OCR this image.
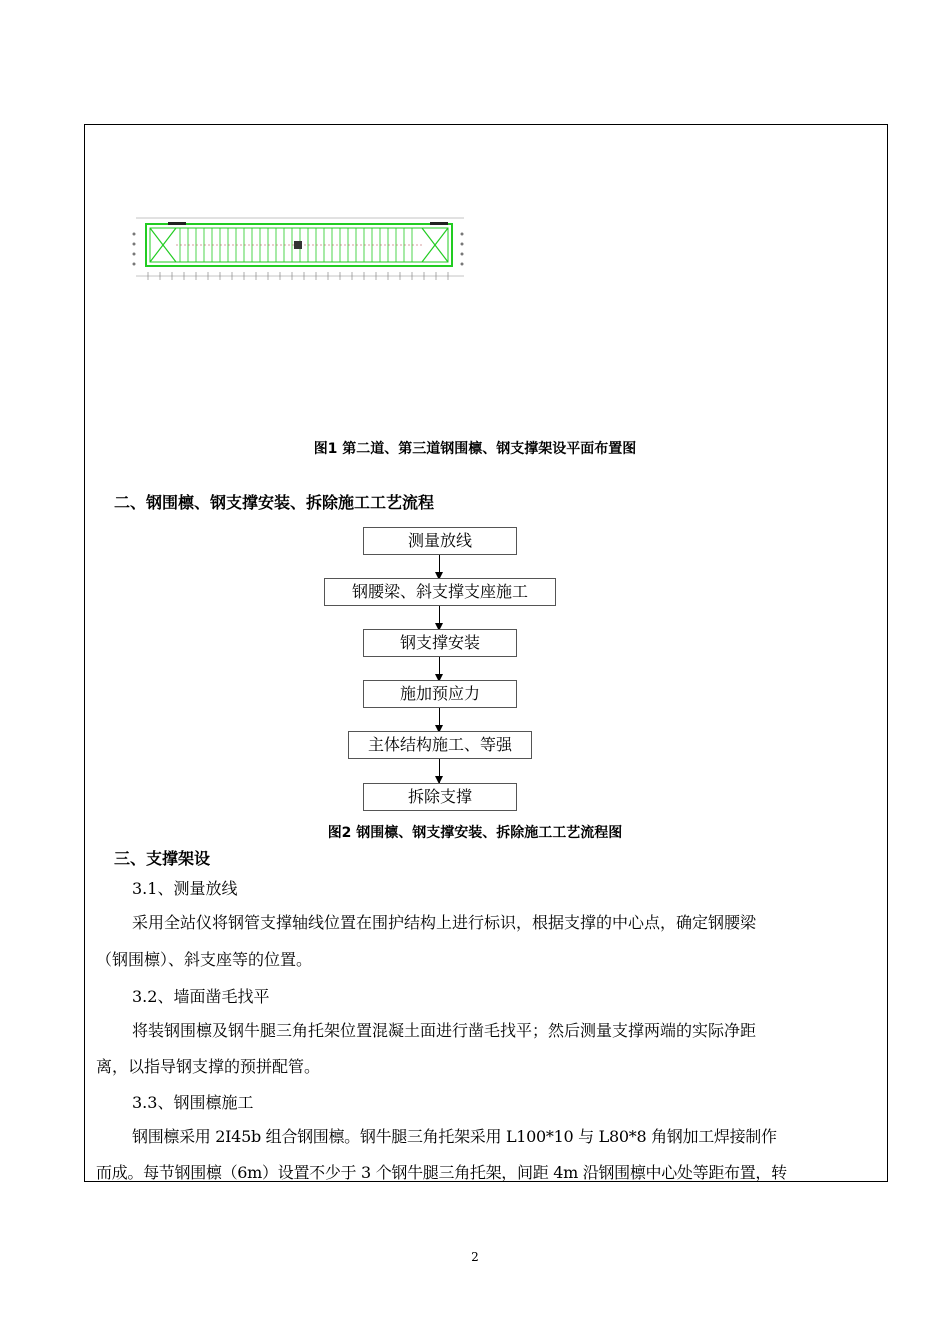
图1 第二道、第三道钢围檩、钢支撑架设平面布置图
二、钢围檩、钢支撑安装、拆除施工工艺流程
测量放线
钢腰梁、斜支撑支座施工
钢支撑安装
施加预应力
主体结构施工、等强
拆除支撑
图2 钢围檩、钢支撑安装、拆除施工工艺流程图
三、支撑架设
3.1、测量放线
采用全站仪将钢管支撑轴线位置在围护结构上进行标识，根据支撑的中心点，确定钢腰梁
（钢围檩）、斜支座等的位置。
3.2、墙面凿毛找平
将装钢围檩及钢牛腿三角托架位置混凝土面进行凿毛找平；然后测量支撑两端的实际净距
离，以指导钢支撑的预拼配管。
3.3、钢围檩施工
钢围檩采用 2I45b 组合钢围檩。钢牛腿三角托架采用 L100*10 与 L80*8 角钢加工焊接制作
而成。每节钢围檩（6m）设置不少于 3 个钢牛腿三角托架，间距 4m 沿钢围檩中心处等距布置，转
2
